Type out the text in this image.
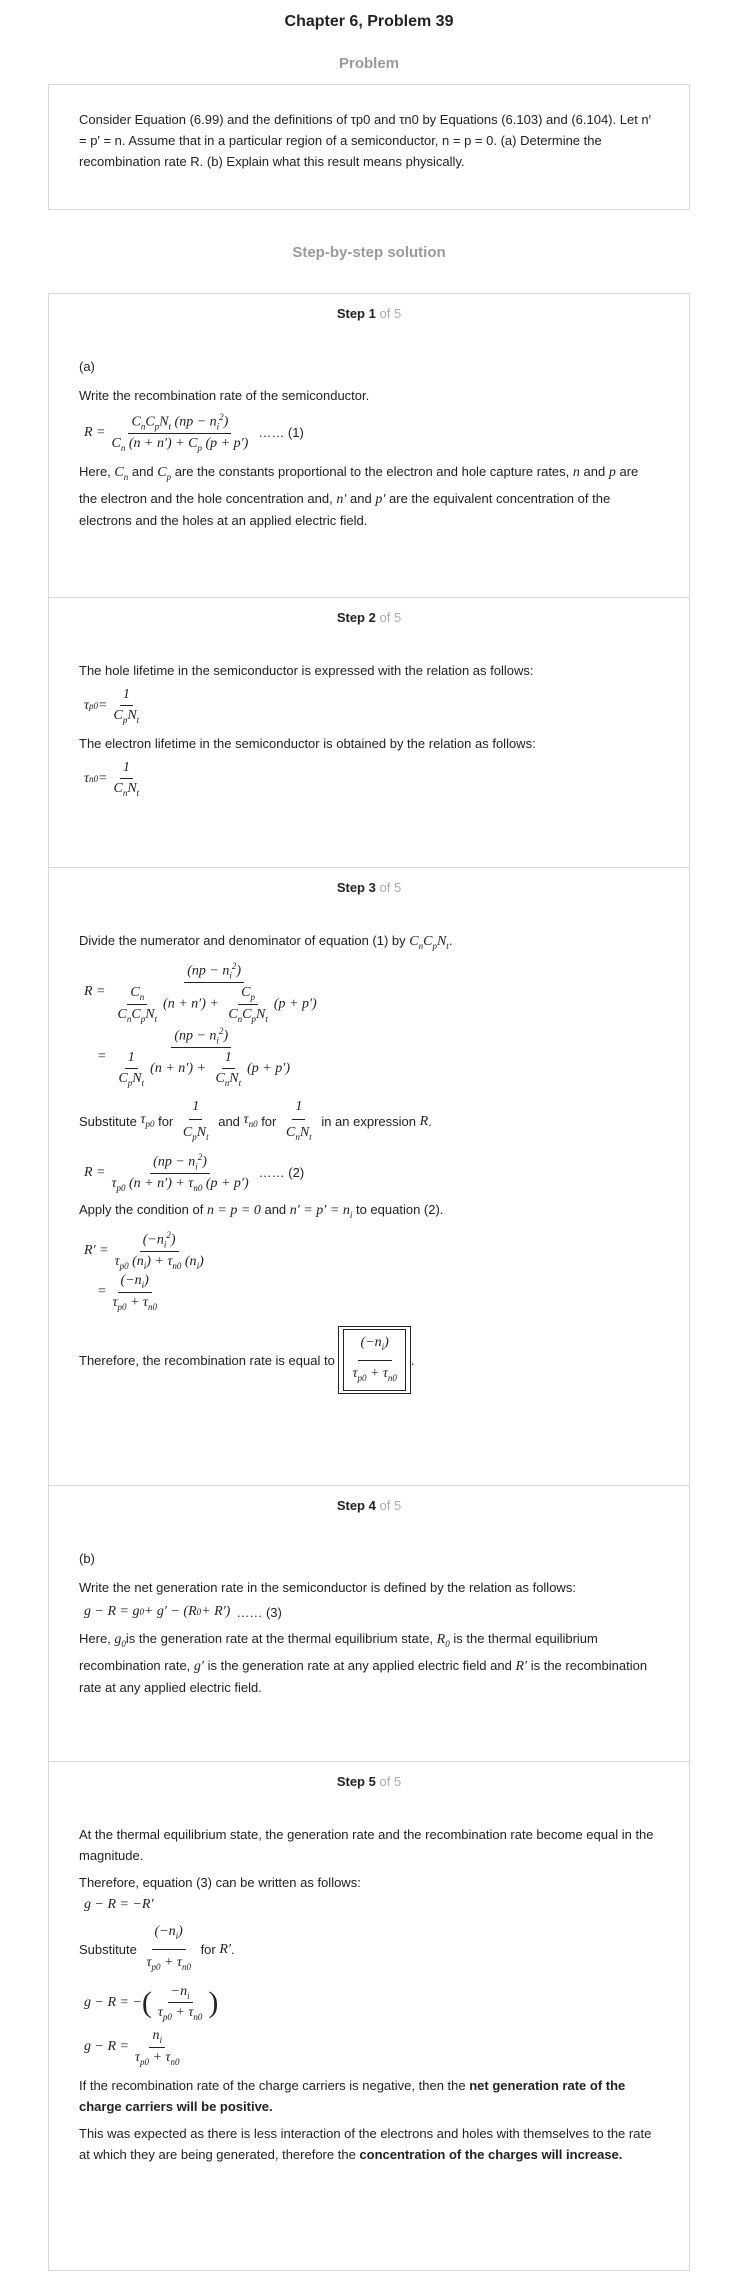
Chapter 6, Problem 39
Problem

Consider Equation (6.99) and the definitions of τp0 and τn0 by Equations (6.103) and (6.104). Let n′ = p′ = n. Assume that in a particular region of a semiconductor, n = p = 0. (a) Determine the recombination rate R. (b) Explain what this result means physically.

Step-by-step solution
Step 1 of 5

(a)

Write the recombination rate of the semiconductor.

$R = \frac{C_nC_pN_t (np - n_i^2)}{C_n (n + n') + C_p (p + p')}$ …… (1)

Here, $C_n$ and $C_p$ are the constants proportional to the electron and hole capture rates, n and p are the electron and the hole concentration and, n′ and p′ are the equivalent concentration of the electrons and the holes at an applied electric field.

Step 2 of 5

The hole lifetime in the semiconductor is expressed with the relation as follows:

τ $p0 = \frac{1}{C_pN_t}$

The electron lifetime in the semiconductor is obtained by the relation as follows:

τ $n0 = \frac{1}{C_nN_t}$
Step 3 of 5

Divide the numerator and denominator of equation (1) by $C_nC_pN_t$.

$R = \frac{(np - n_i^2)}{\frac{C_n}{C_nC_pN_t} (n + n') + \frac{C_p}{C_nC_pN_t} (p + p')}$
= $\frac{(np - n_i^2)}{\frac{1}{C_pN_t} (n + n') + \frac{1}{C_nN_t} (p + p')}$

Substitute
$\tau_{p0}$
for
$\frac{1}{C_pN_t}$
and
$\tau_{n0}$
for
$\frac{1}{C_nN_t}$
in an expression
R .

$R = \frac{(np - n_i^2)}{\tau_{p0} (n + n') + \tau_{n0} (p + p')}$ …… (2)

Apply the condition of n = p = 0 and $n' = p' = n_i$ to equation (2).

$R' = \frac{(-n_i^2)}{\tau_{p0} (n_i) + \tau_{n0} (n_i)}$
= $\frac{(-n_i)}{\tau_{p0} + \tau_{n0}}$

Therefore, the recombination rate is equal to
$\frac{(-n_i)}{\tau_{p0} + \tau_{n0}}$ .

Step 4 of 5

(b)

Write the net generation rate in the semiconductor is defined by the relation as follows:

g − R = g 0 + g′ − (R 0 + R′) …… (3)

Here, $g_0is$ the generation rate at the thermal equilibrium state, $R_0$ is the thermal equilibrium recombination rate, g′ is the generation rate at any applied electric field and R′ is the recombination rate at any applied electric field.

Step 5 of 5

At the thermal equilibrium state, the generation rate and the recombination rate become equal in the magnitude.

Therefore, equation (3) can be written as follows:

g − R = −R′

Substitute
$\frac{(-n_i)}{\tau_{p0} + \tau_{n0}}$
for
R′ .

g − R = − ( $\frac{-n_i}{\tau_{p0} + \tau_{n0}}$ )
$g - R = \frac{n_i}{\tau_{p0} + \tau_{n0}}$

If the recombination rate of the charge carriers is negative, then the net generation rate of the charge carriers will be positive.

This was expected as there is less interaction of the electrons and holes with themselves to the rate at which they are being generated, therefore the concentration of the charges will increase.
